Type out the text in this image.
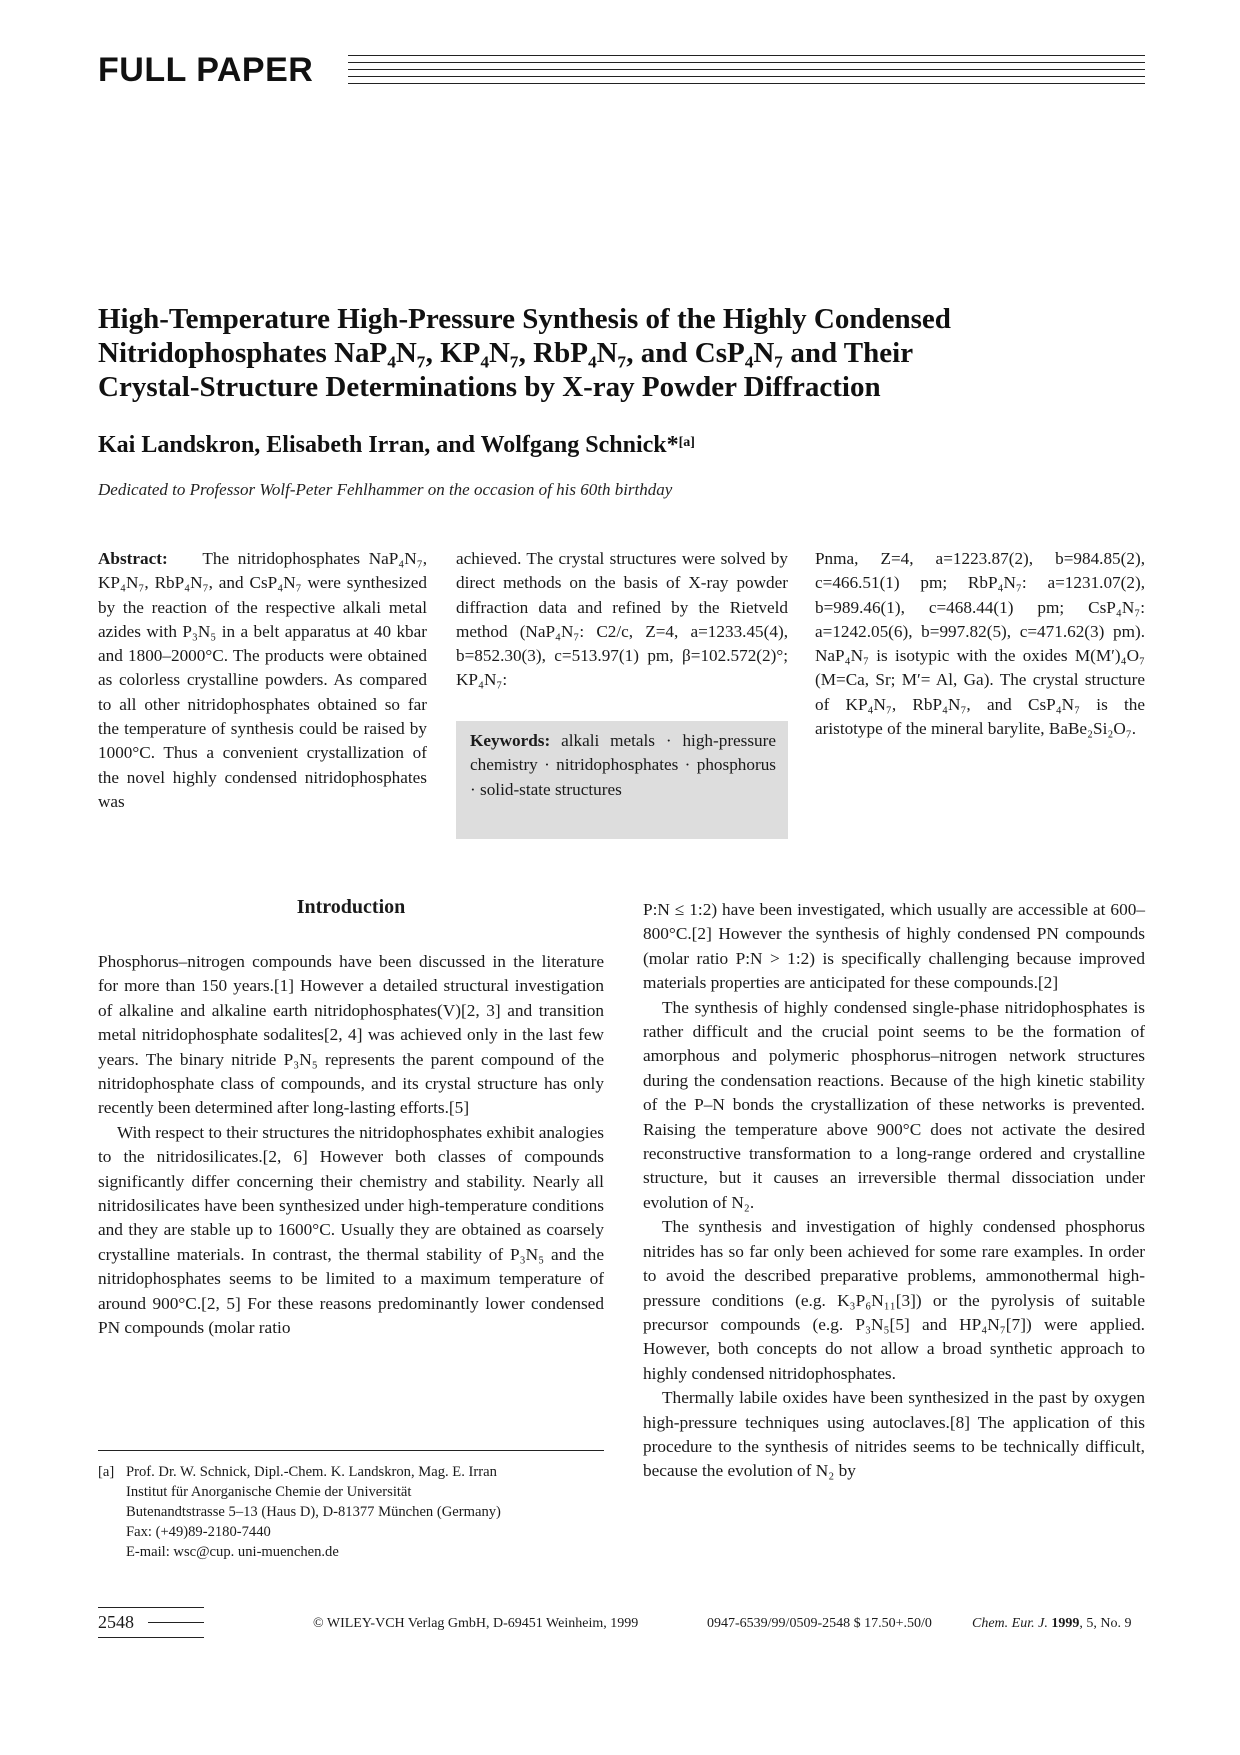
FULL PAPER
High-Temperature High-Pressure Synthesis of the Highly Condensed
Nitridophosphates NaP₄N₇, KP₄N₇, RbP₄N₇, and CsP₄N₇ and Their
Crystal-Structure Determinations by X-ray Powder Diffraction
Kai Landskron, Elisabeth Irran, and Wolfgang Schnick*[a]
Dedicated to Professor Wolf-Peter Fehlhammer on the occasion of his 60th birthday

Abstract: The nitridophosphates NaP₄N₇, KP₄N₇, RbP₄N₇, and CsP₄N₇ were synthesized by the reaction of the respective alkali metal azides with P₃N₅ in a belt apparatus at 40 kbar and 1800–2000°C. The products were obtained as colorless crystalline powders. As compared to all other nitridophosphates obtained so far the temperature of synthesis could be raised by 1000°C. Thus a convenient crystallization of the novel highly condensed nitridophosphates was

achieved. The crystal structures were solved by direct methods on the basis of X-ray powder diffraction data and refined by the Rietveld method (NaP₄N₇: C2/c, Z=4, a=1233.45(4), b=852.30(3), c=513.97(1) pm, β=102.572(2)°; KP₄N₇:

Keywords: alkali metals · high-pressure chemistry · nitridophosphates · phosphorus · solid-state structures

Pnma, Z=4, a=1223.87(2), b=984.85(2), c=466.51(1) pm; RbP₄N₇: a=1231.07(2), b=989.46(1), c=468.44(1) pm; CsP₄N₇: a=1242.05(6), b=997.82(5), c=471.62(3) pm). NaP₄N₇ is isotypic with the oxides M(M′)₄O₇ (M=Ca, Sr; M′= Al, Ga). The crystal structure of KP₄N₇, RbP₄N₇, and CsP₄N₇ is the aristotype of the mineral barylite, BaBe₂Si₂O₇.

Introduction

Phosphorus–nitrogen compounds have been discussed in the literature for more than 150 years.[1] However a detailed structural investigation of alkaline and alkaline earth nitridophosphates(V)[2, 3] and transition metal nitridophosphate sodalites[2, 4] was achieved only in the last few years. The binary nitride P₃N₅ represents the parent compound of the nitridophosphate class of compounds, and its crystal structure has only recently been determined after long-lasting efforts.[5]

With respect to their structures the nitridophosphates exhibit analogies to the nitridosilicates.[2, 6] However both classes of compounds significantly differ concerning their chemistry and stability. Nearly all nitridosilicates have been synthesized under high-temperature conditions and they are stable up to 1600°C. Usually they are obtained as coarsely crystalline materials. In contrast, the thermal stability of P₃N₅ and the nitridophosphates seems to be limited to a maximum temperature of around 900°C.[2, 5] For these reasons predominantly lower condensed PN compounds (molar ratio

P:N ≤ 1:2) have been investigated, which usually are accessible at 600–800°C.[2] However the synthesis of highly condensed PN compounds (molar ratio P:N > 1:2) is specifically challenging because improved materials properties are anticipated for these compounds.[2]

The synthesis of highly condensed single-phase nitridophosphates is rather difficult and the crucial point seems to be the formation of amorphous and polymeric phosphorus–nitrogen network structures during the condensation reactions. Because of the high kinetic stability of the P–N bonds the crystallization of these networks is prevented. Raising the temperature above 900°C does not activate the desired reconstructive transformation to a long-range ordered and crystalline structure, but it causes an irreversible thermal dissociation under evolution of N₂.

The synthesis and investigation of highly condensed phosphorus nitrides has so far only been achieved for some rare examples. In order to avoid the described preparative problems, ammonothermal high-pressure conditions (e.g. K₃P₆N₁₁[3]) or the pyrolysis of suitable precursor compounds (e.g. P₃N₅[5] and HP₄N₇[7]) were applied. However, both concepts do not allow a broad synthetic approach to highly condensed nitridophosphates.

Thermally labile oxides have been synthesized in the past by oxygen high-pressure techniques using autoclaves.[8] The application of this procedure to the synthesis of nitrides seems to be technically difficult, because the evolution of N₂ by

[a] Prof. Dr. W. Schnick, Dipl.-Chem. K. Landskron, Mag. E. Irran

Institut für Anorganische Chemie der Universität

Butenandtstrasse 5–13 (Haus D), D-81377 München (Germany)

Fax: (+49)89-2180-7440

E-mail: wsc@cup. uni-muenchen.de

2548	© WILEY-VCH Verlag GmbH, D-69451 Weinheim, 1999	0947-6539/99/0509-2548 $ 17.50+.50/0	Chem. Eur. J. 1999, 5, No. 9
